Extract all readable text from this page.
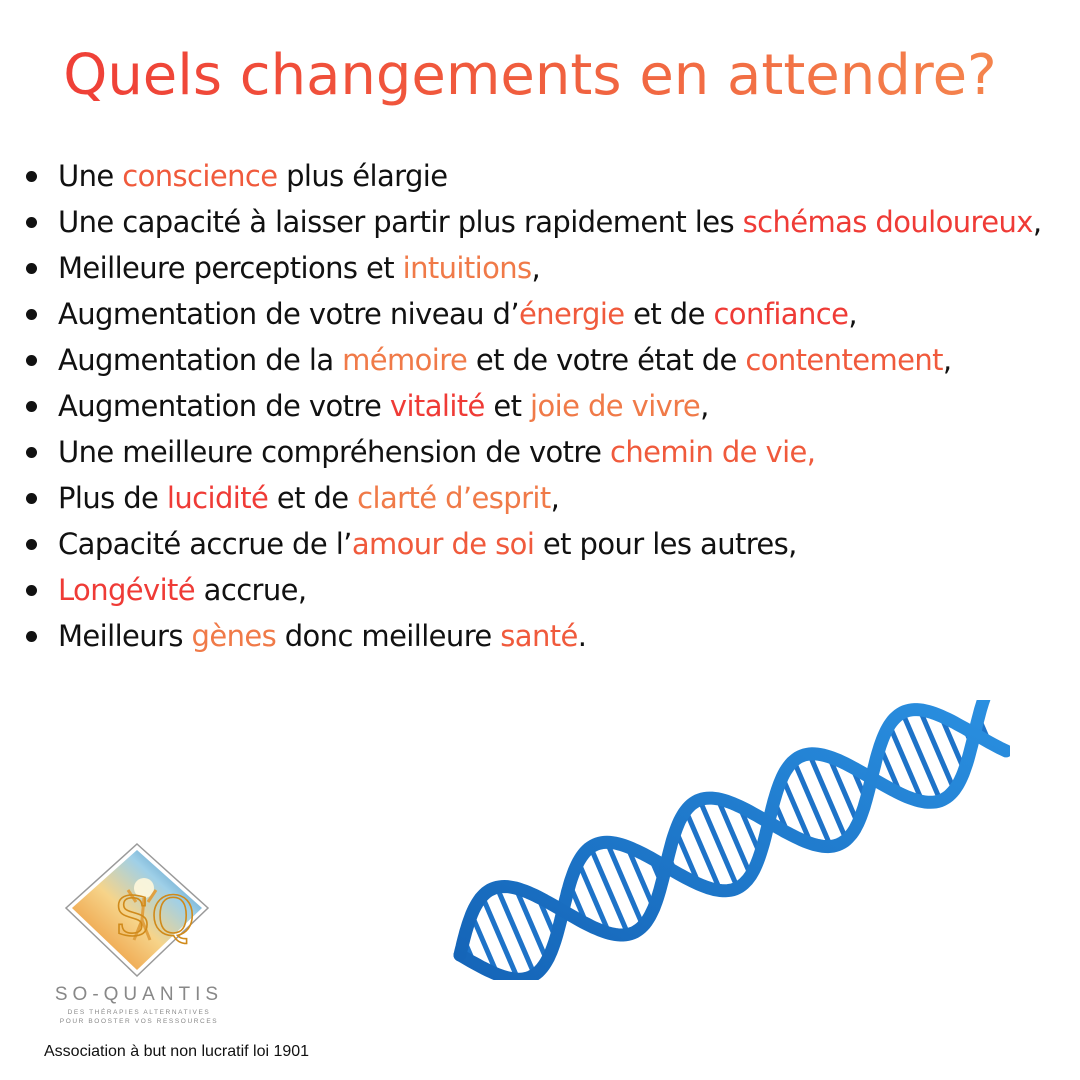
Quels changements en attendre?
Une conscience plus élargie
Une capacité à laisser partir plus rapidement les schémas douloureux,
Meilleure perceptions et intuitions,
Augmentation de votre niveau d’énergie et de confiance,
Augmentation de la mémoire et de votre état de contentement,
Augmentation de votre vitalité et joie de vivre,
Une meilleure compréhension de votre chemin de vie,
Plus de lucidité et de clarté d’esprit,
Capacité accrue de l’amour de soi et pour les autres,
Longévité accrue,
Meilleurs gènes donc meilleure santé.
SQ
SO-QUANTIS
DES THÉRAPIES ALTERNATIVES
POUR BOOSTER VOS RESSOURCES
Association à but non lucratif loi 1901
